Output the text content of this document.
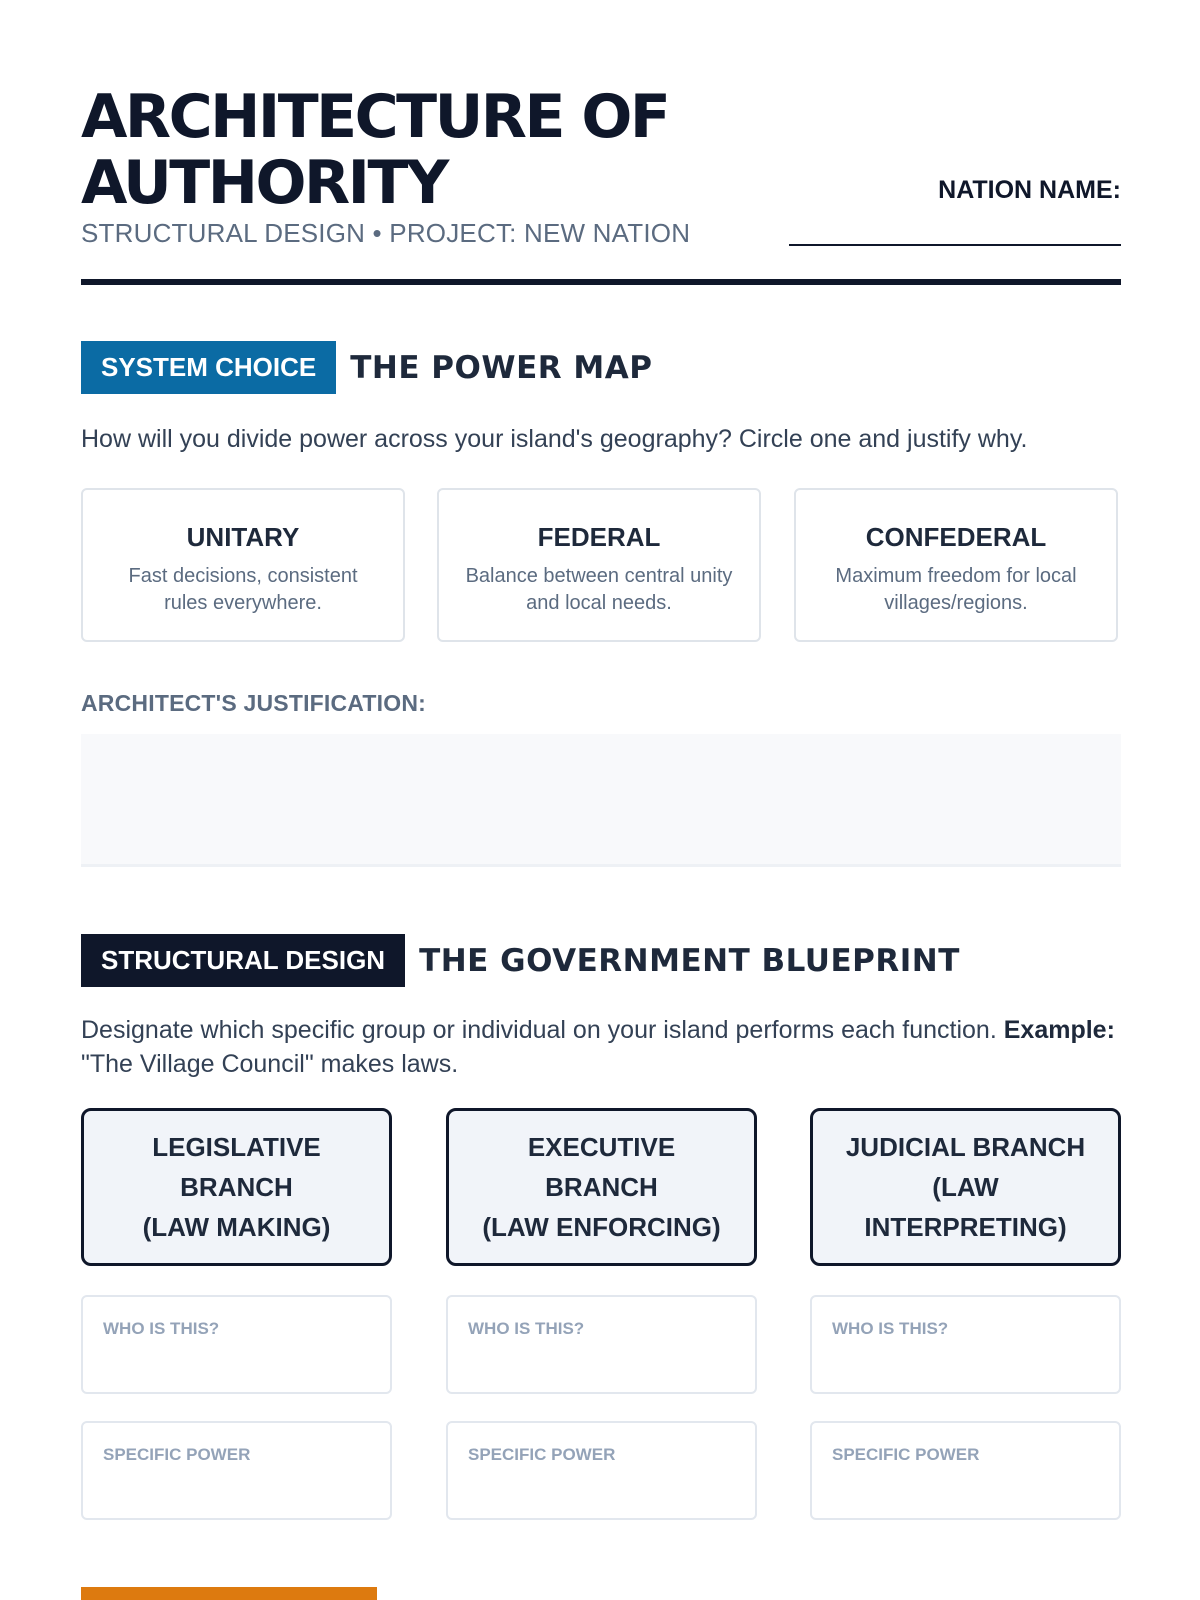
ARCHITECTURE OF
AUTHORITY
STRUCTURAL DESIGN • PROJECT: NEW NATION
NATION NAME:
SYSTEM CHOICE	THE POWER MAP
How will you divide power across your island's geography? Circle one and justify why.
UNITARY
Fast decisions, consistent rules everywhere.
FEDERAL
Balance between central unity and local needs.
CONFEDERAL
Maximum freedom for local villages/regions.
ARCHITECT'S JUSTIFICATION:
STRUCTURAL DESIGN	THE GOVERNMENT BLUEPRINT
Designate which specific group or individual on your island performs each function. Example: "The Village Council" makes laws.
LEGISLATIVE
BRANCH
(LAW MAKING)
EXECUTIVE
BRANCH
(LAW ENFORCING)
JUDICIAL BRANCH
(LAW
INTERPRETING)
WHO IS THIS?	WHO IS THIS?	WHO IS THIS?
SPECIFIC POWER	SPECIFIC POWER	SPECIFIC POWER
